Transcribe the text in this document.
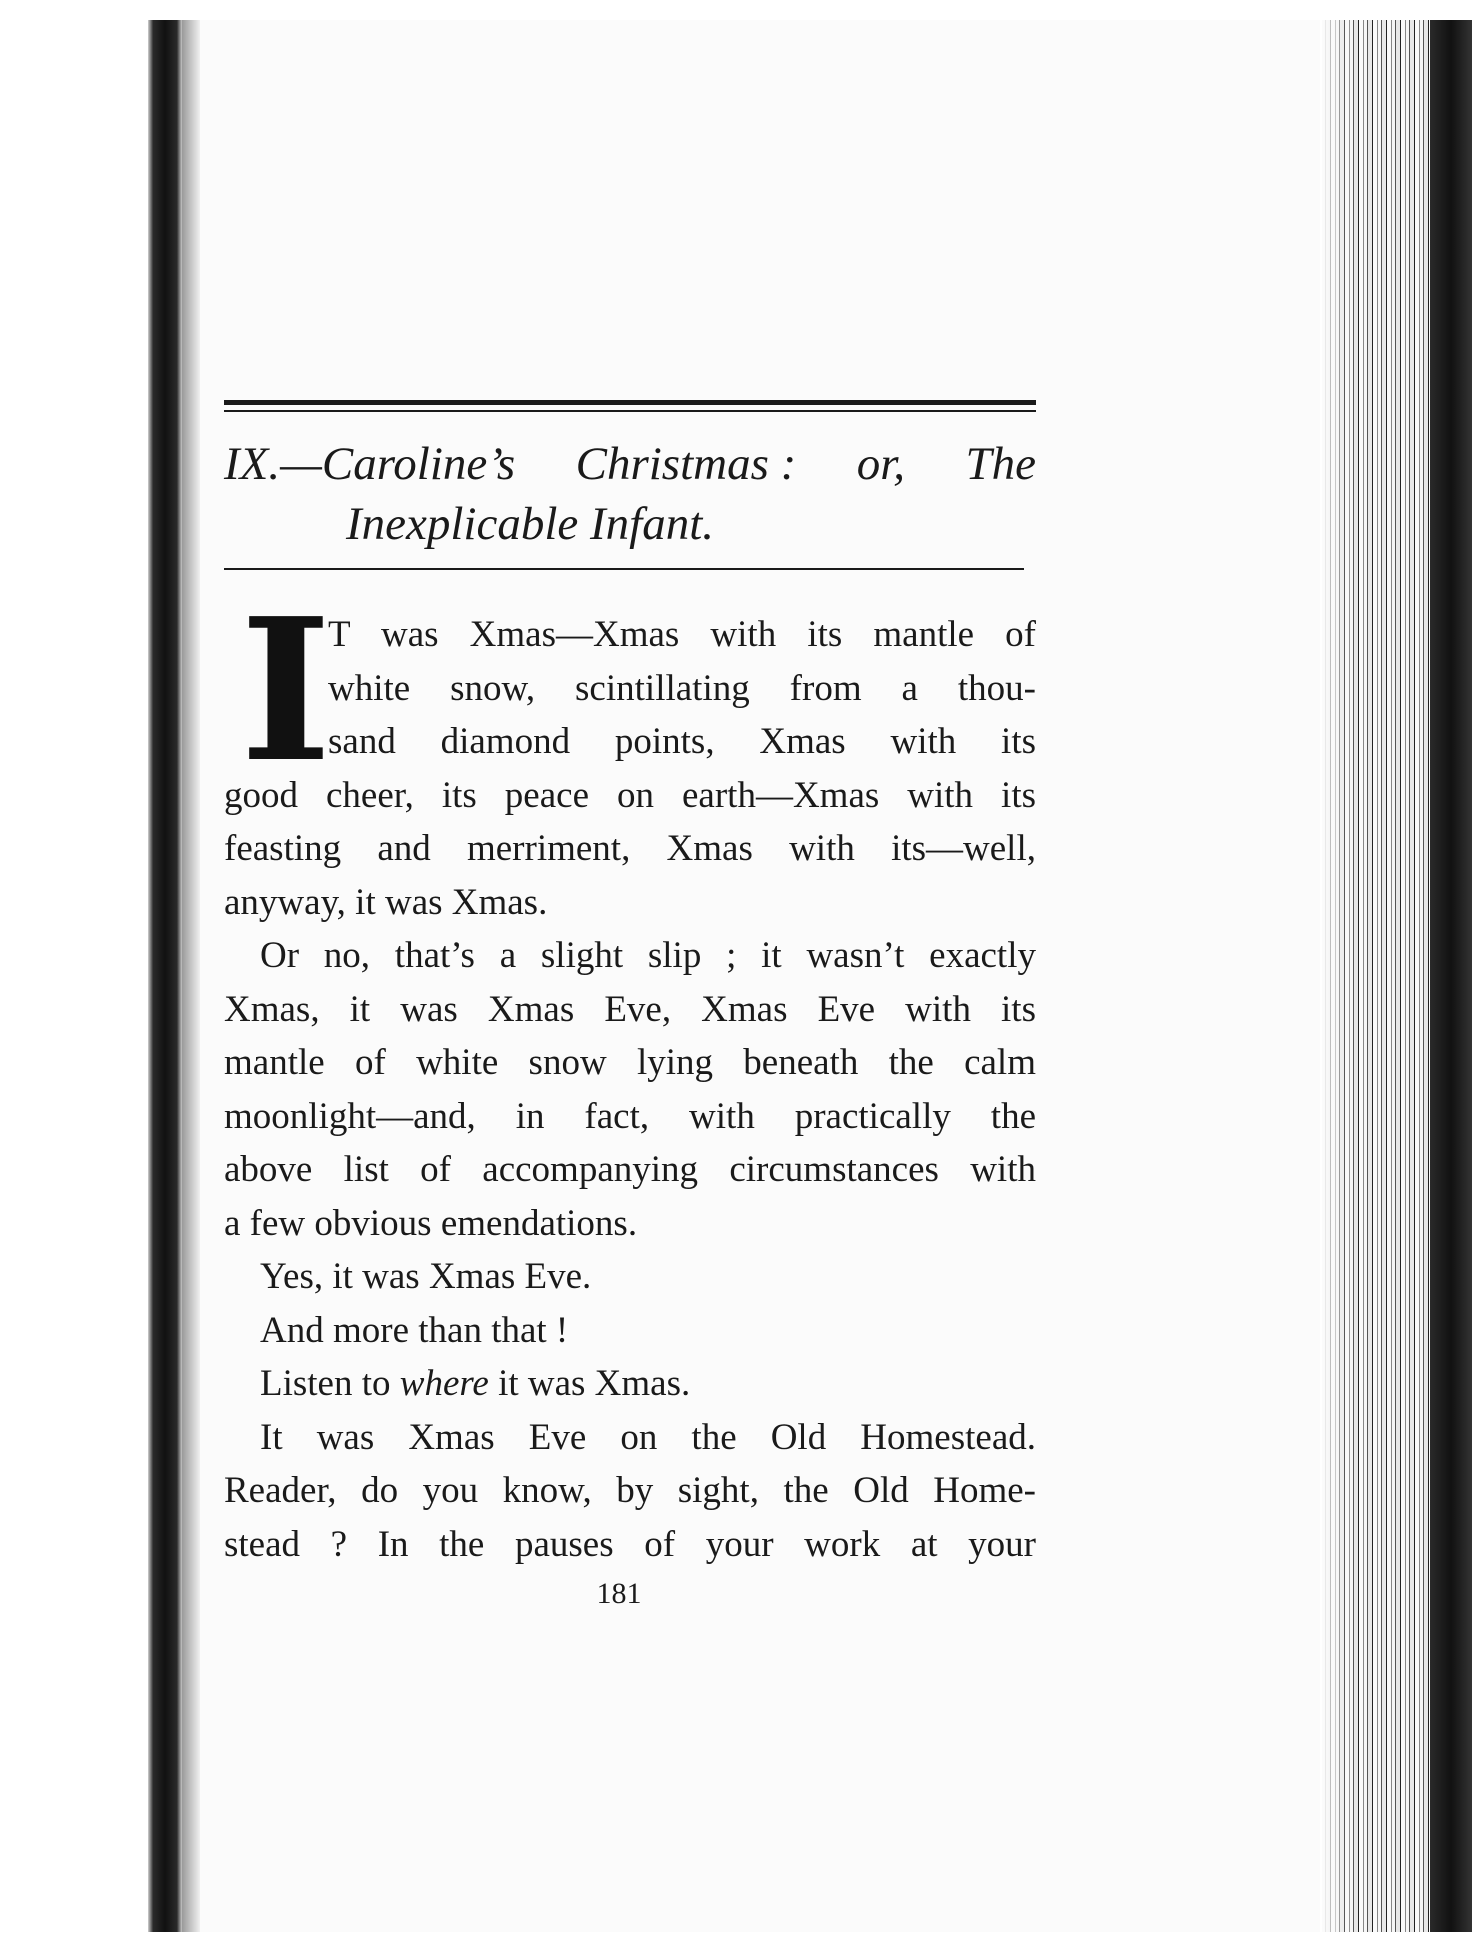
IX.—Caroline’s Christmas : or, The
Inexplicable Infant.
I
T was Xmas—Xmas with its mantle of
white snow, scintillating from a thou-
sand diamond points, Xmas with its
good cheer, its peace on earth—Xmas with its
feasting and merriment, Xmas with its—well,
anyway, it was Xmas.
Or no, that’s a slight slip ; it wasn’t exactly
Xmas, it was Xmas Eve, Xmas Eve with its
mantle of white snow lying beneath the calm
moonlight—and, in fact, with practically the
above list of accompanying circumstances with
a few obvious emendations.
Yes, it was Xmas Eve.
And more than that !
Listen to where it was Xmas.
It was Xmas Eve on the Old Homestead.
Reader, do you know, by sight, the Old Home-
stead ? In the pauses of your work at your
181
